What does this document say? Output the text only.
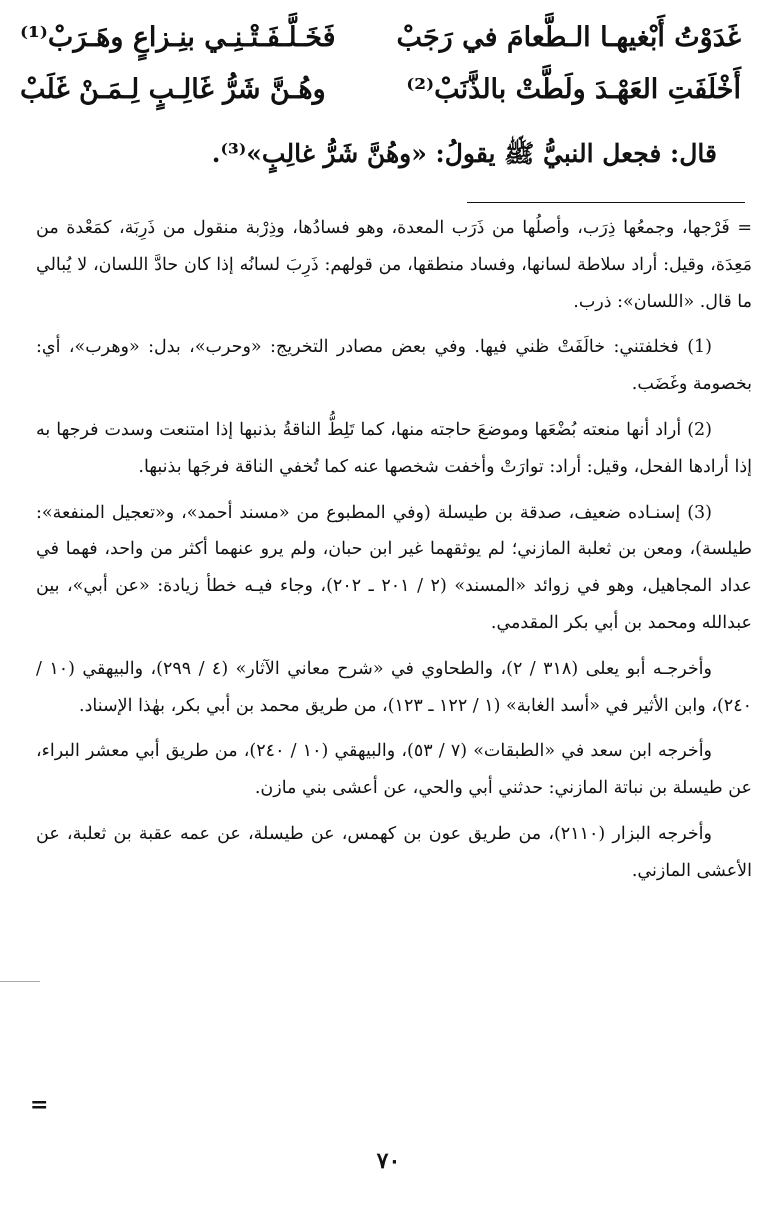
غَدَوْتُ أَبْغيهـا الـطَّعامَ في رَجَبْ
فَخَـلَّـفَـتْـنِـي بنِـزاعٍ وهَـرَبْ⁽¹⁾
أَخْلَفَتِ العَهْـدَ ولَطَّتْ بالذَّنَبْ⁽²⁾
وهُـنَّ شَرُّ غَالِـبٍ لِـمَـنْ غَلَبْ
قال: فجعل النبيُّ ﷺ يقولُ: «وهُنَّ شَرُّ غالِبٍ»⁽³⁾.

= فَرْجها، وجمعُها ذِرَب، وأصلُها من ذَرَب المعدة، وهو فسادُها، وذِرْبة منقول من ذَرِبَة، كمَعْدة من مَعِدَة، وقيل: أراد سلاطة لسانها، وفساد منطقها، من قولهم: ذَرِبَ لسانُه إذا كان حادَّ اللسان، لا يُبالي ما قال. «اللسان»: ذرب.

(1) فخلفتني: خالَفَتْ ظني فيها. وفي بعض مصادر التخريج: «وحرب»، بدل: «وهرب»، أي: بخصومة وغَضَب.

(2) أراد أنها منعته بُضْعَها وموضعَ حاجته منها، كما تَلِطُّ الناقةُ بذنبها إذا امتنعت وسدت فرجها به إذا أرادها الفحل، وقيل: أراد: توارَتْ وأخفت شخصها عنه كما تُخفي الناقة فرجَها بذنبها.

(3) إسنـاده ضعيف، صدقة بن طيسلة (وفي المطبوع من «مسند أحمد»، و«تعجيل المنفعة»: طيلسة)، ومعن بن ثعلبة المازني؛ لم يوثقهما غير ابن حبان، ولم يرو عنهما أكثر من واحد، فهما في عداد المجاهيل، وهو في زوائد «المسند» (٢ / ٢٠١ ـ ٢٠٢)، وجاء فيـه خطأ زيادة: «عن أبي»، بين عبدالله ومحمد بن أبي بكر المقدمي.

وأخرجـه أبو يعلى (٣١٨ / ٢)، والطحاوي في «شرح معاني الآثار» (٤ / ٢٩٩)، والبيهقي (١٠ / ٢٤٠)، وابن الأثير في «أسد الغابة» (١ / ١٢٢ ـ ١٢٣)، من طريق محمد بن أبي بكر، بهٰذا الإسناد.

وأخرجه ابن سعد في «الطبقات» (٧ / ٥٣)، والبيهقي (١٠ / ٢٤٠)، من طريق أبي معشر البراء، عن طيسلة بن نباتة المازني: حدثني أبي والحي، عن أعشى بني مازن.

وأخرجه البزار (٢١١٠)، من طريق عون بن كهمس، عن طيسلة، عن عمه عقبة بن ثعلبة، عن الأعشى المازني.

=
٧٠
